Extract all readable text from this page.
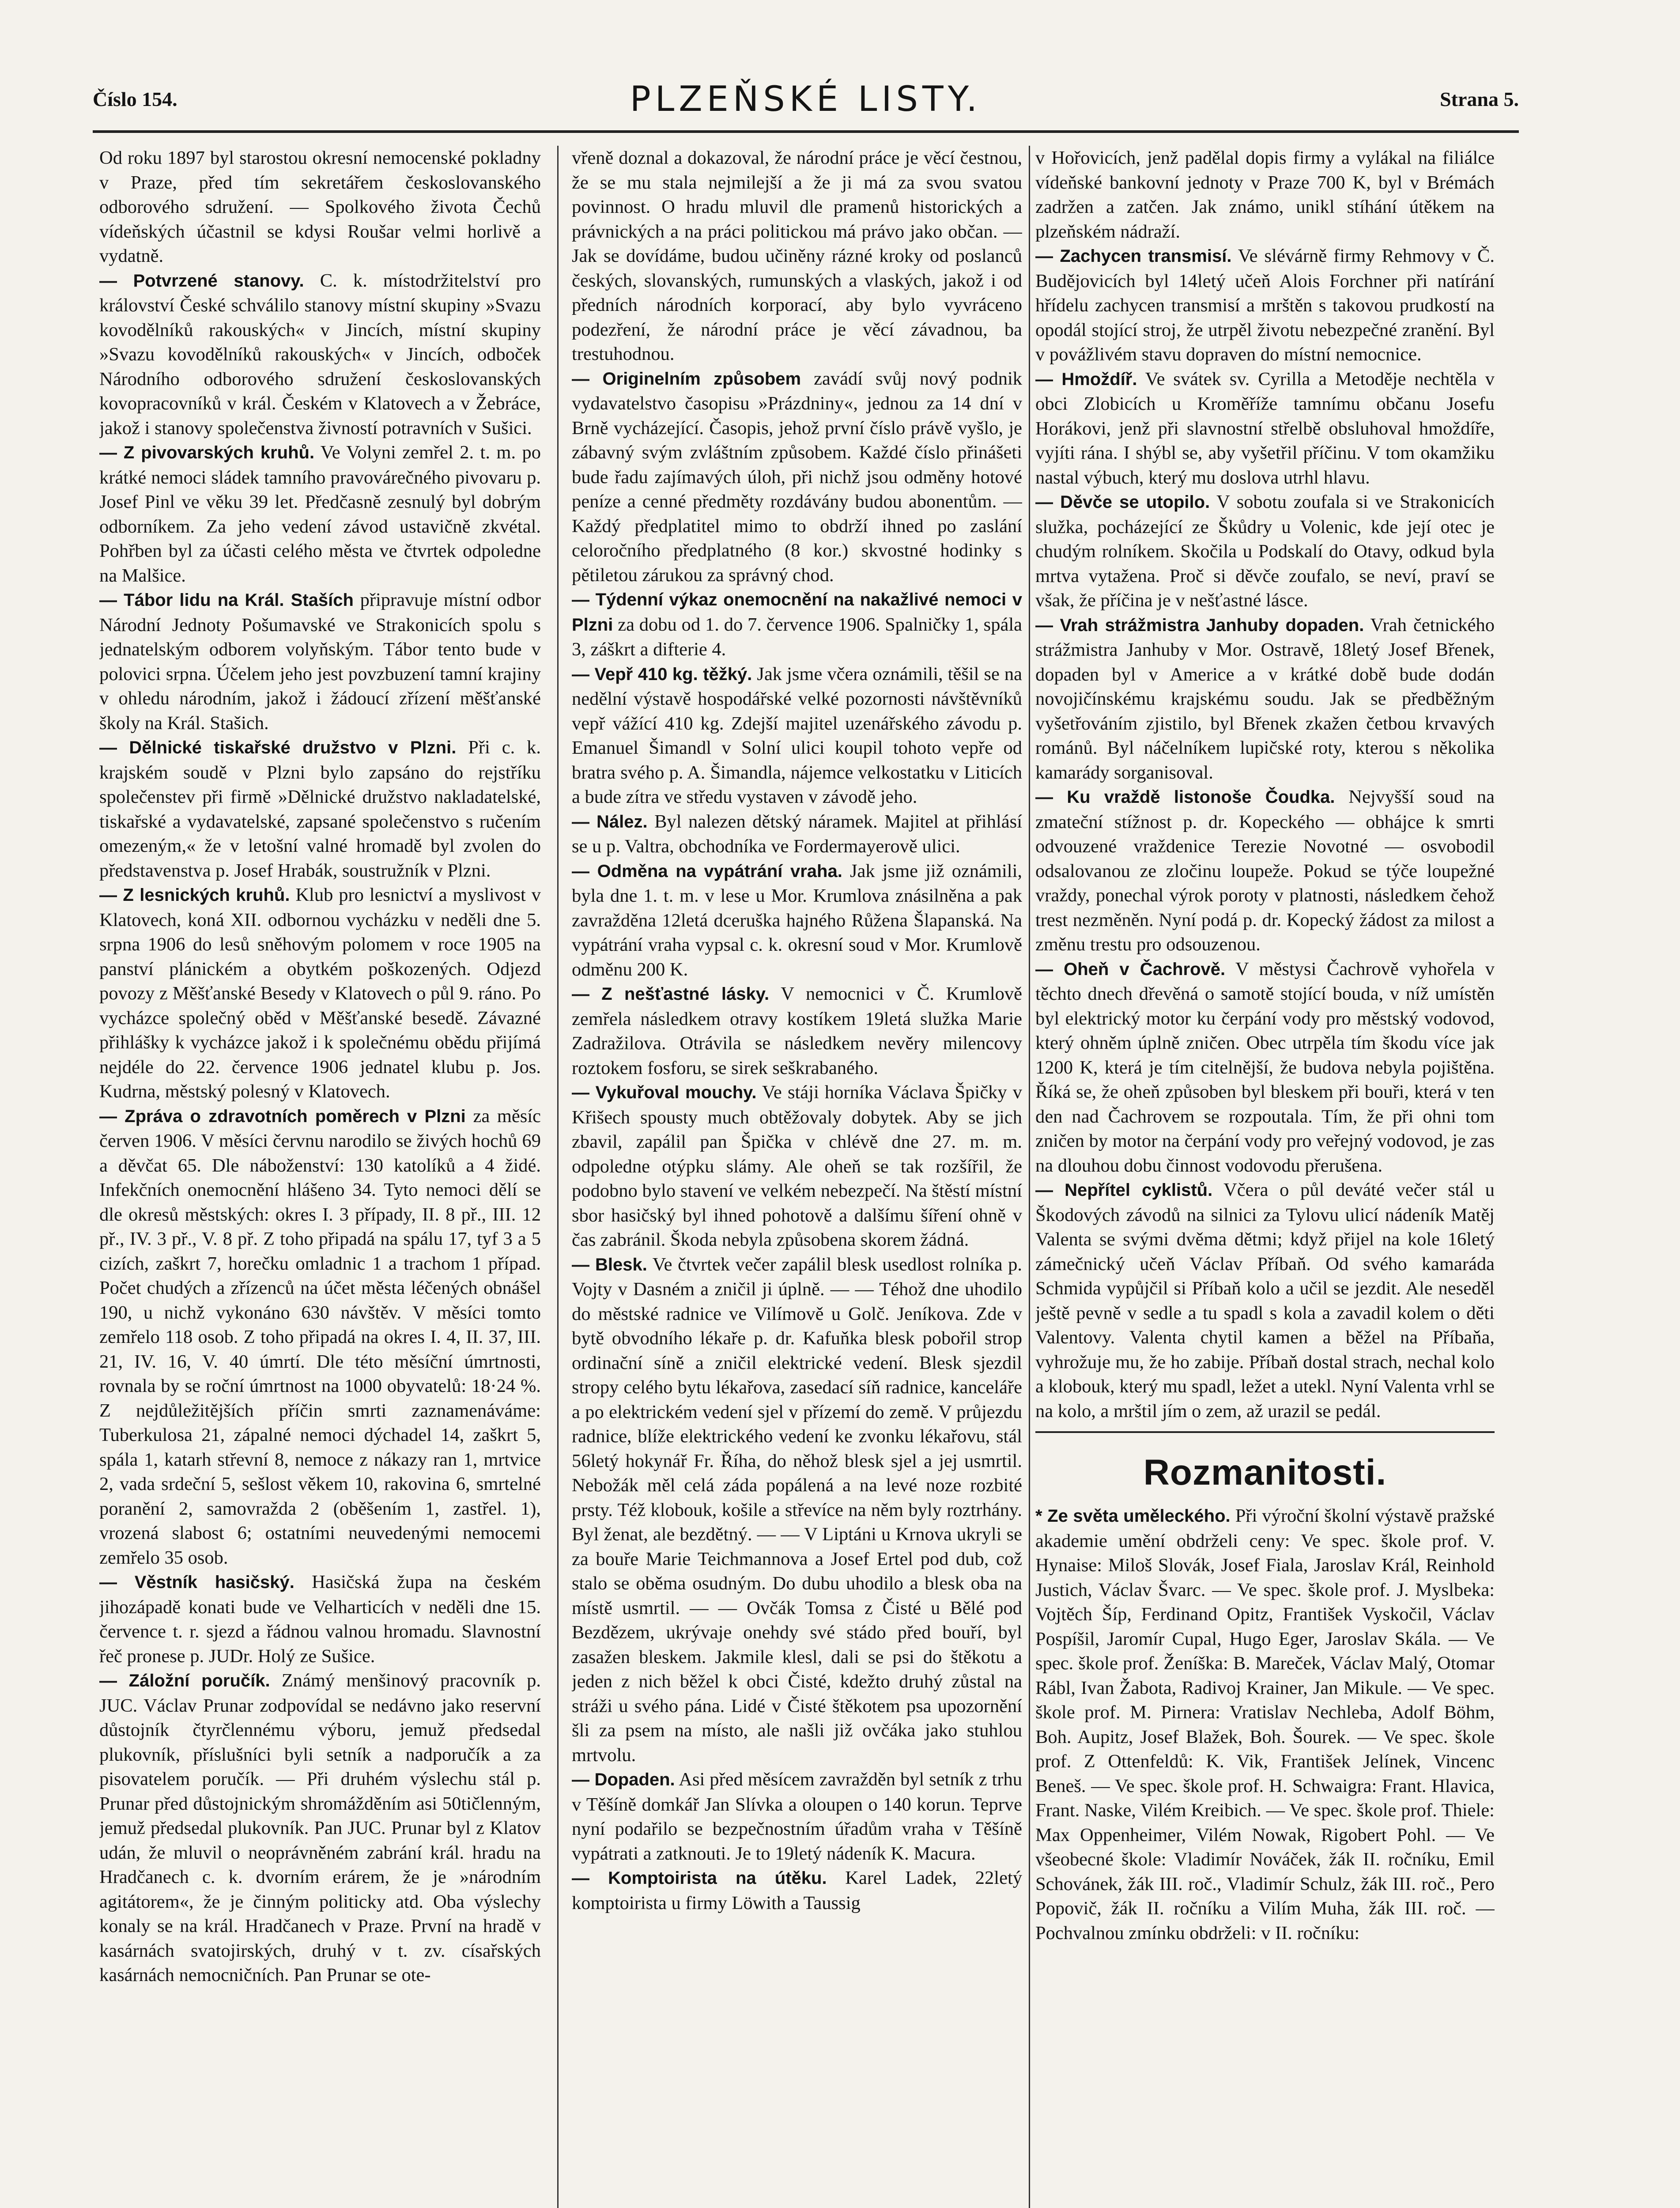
Číslo 154.	PLZEŇSKÉ LISTY.	Strana 5.

Od roku 1897 byl starostou okresní nemocenské pokladny v Praze, před tím sekretářem českoslovanského odborového sdružení. — Spolkového života Čechů vídeňských účastnil se kdysi Roušar velmi horlivě a vydatně.

— Potvrzené stanovy. C. k. místodržitelství pro království České schválilo stanovy místní skupiny »Svazu kovodělníků rakouských« v Jincích, místní skupiny »Svazu kovodělníků rakouských« v Jincích, odboček Národního odborového sdružení českoslovanských kovopracovníků v král. Českém v Klatovech a v Žebráce, jakož i stanovy společenstva živností potravních v Sušici.

— Z pivovarských kruhů. Ve Volyni zemřel 2. t. m. po krátké nemoci sládek tamního pravovárečného pivovaru p. Josef Pinl ve věku 39 let. Předčasně zesnulý byl dobrým odborníkem. Za jeho vedení závod ustavičně zkvétal. Pohřben byl za účasti celého města ve čtvrtek odpoledne na Malšice.

— Tábor lidu na Král. Staších připravuje místní odbor Národní Jednoty Pošumavské ve Strakonicích spolu s jednatelským odborem volyňským. Tábor tento bude v polovici srpna. Účelem jeho jest povzbuzení tamní krajiny v ohledu národním, jakož i žádoucí zřízení měšťanské školy na Král. Stašich.

— Dělnické tiskařské družstvo v Plzni. Při c. k. krajském soudě v Plzni bylo zapsáno do rejstříku společenstev při firmě »Dělnické družstvo nakladatelské, tiskařské a vydavatelské, zapsané společenstvo s ručením omezeným,« že v letošní valné hromadě byl zvolen do představenstva p. Josef Hrabák, soustružník v Plzni.

— Z lesnických kruhů. Klub pro lesnictví a myslivost v Klatovech, koná XII. odbornou vycházku v neděli dne 5. srpna 1906 do lesů sněhovým polomem v roce 1905 na panství plánickém a obytkém poškozených. Odjezd povozy z Měšťanské Besedy v Klatovech o půl 9. ráno. Po vycházce společný oběd v Měšťanské besedě. Závazné přihlášky k vycházce jakož i k společnému obědu přijímá nejdéle do 22. července 1906 jednatel klubu p. Jos. Kudrna, městský polesný v Klatovech.

— Zpráva o zdravotních poměrech v Plzni za měsíc červen 1906. V měsíci červnu narodilo se živých hochů 69 a děvčat 65. Dle náboženství: 130 katolíků a 4 židé. Infekčních onemocnění hlášeno 34. Tyto nemoci dělí se dle okresů městských: okres I. 3 případy, II. 8 př., III. 12 př., IV. 3 př., V. 8 př. Z toho připadá na spálu 17, tyf 3 a 5 cizích, zaškrt 7, horečku omladnic 1 a trachom 1 případ. Počet chudých a zřízenců na účet města léčených obnášel 190, u nichž vykonáno 630 návštěv. V měsíci tomto zemřelo 118 osob. Z toho připadá na okres I. 4, II. 37, III. 21, IV. 16, V. 40 úmrtí. Dle této měsíční úmrtnosti, rovnala by se roční úmrtnost na 1000 obyvatelů: 18·24 %. Z nejdůležitějších příčin smrti zaznamenáváme: Tuberkulosa 21, zápalné nemoci dýchadel 14, zaškrt 5, spála 1, katarh střevní 8, nemoce z nákazy ran 1, mrtvice 2, vada srdeční 5, sešlost věkem 10, rakovina 6, smrtelné poranění 2, samovražda 2 (oběšením 1, zastřel. 1), vrozená slabost 6; ostatními neuvedenými nemocemi zemřelo 35 osob.

— Věstník hasičský. Hasičská župa na českém jihozápadě konati bude ve Velharticích v neděli dne 15. července t. r. sjezd a řádnou valnou hromadu. Slavnostní řeč pronese p. JUDr. Holý ze Sušice.

— Záložní poručík. Známý menšinový pracovník p. JUC. Václav Prunar zodpovídal se nedávno jako reservní důstojník čtyrčlennému výboru, jemuž předsedal plukovník, příslušníci byli setník a nadporučík a za pisovatelem poručík. — Při druhém výslechu stál p. Prunar před důstojnickým shromážděním asi 50tičlenným, jemuž předsedal plukovník. Pan JUC. Prunar byl z Klatov udán, že mluvil o neoprávněném zabrání král. hradu na Hradčanech c. k. dvorním erárem, že je »národním agitátorem«, že je činným politicky atd. Oba výslechy konaly se na král. Hradčanech v Praze. První na hradě v kasárnách svatojirských, druhý v t. zv. císařských kasárnách nemocničních. Pan Prunar se ote-

vřeně doznal a dokazoval, že národní práce je věcí čestnou, že se mu stala nejmilejší a že ji má za svou svatou povinnost. O hradu mluvil dle pramenů historických a právnických a na práci politickou má právo jako občan. — Jak se dovídáme, budou učiněny rázné kroky od poslanců českých, slovanských, rumunských a vlaských, jakož i od předních národních korporací, aby bylo vyvráceno podezření, že národní práce je věcí závadnou, ba trestuhodnou.

— Originelním způsobem zavádí svůj nový podnik vydavatelstvo časopisu »Prázdniny«, jednou za 14 dní v Brně vycházející. Časopis, jehož první číslo právě vyšlo, je zábavný svým zvláštním způsobem. Každé číslo přinášeti bude řadu zajímavých úloh, při nichž jsou odměny hotové peníze a cenné předměty rozdávány budou abonentům. — Každý předplatitel mimo to obdrží ihned po zaslání celoročního předplatného (8 kor.) skvostné hodinky s pětiletou zárukou za správný chod.

— Týdenní výkaz onemocnění na nakažlivé nemoci v Plzni za dobu od 1. do 7. července 1906. Spalničky 1, spála 3, záškrt a difterie 4.

— Vepř 410 kg. těžký. Jak jsme včera oznámili, těšil se na nedělní výstavě hospodářské velké pozornosti návštěvníků vepř vážící 410 kg. Zdejší majitel uzenářského závodu p. Emanuel Šimandl v Solní ulici koupil tohoto vepře od bratra svého p. A. Šimandla, nájemce velkostatku v Liticích a bude zítra ve středu vystaven v závodě jeho.

— Nález. Byl nalezen dětský náramek. Majitel at přihlásí se u p. Valtra, obchodníka ve Fordermayerově ulici.

— Odměna na vypátrání vraha. Jak jsme již oznámili, byla dne 1. t. m. v lese u Mor. Krumlova znásilněna a pak zavražděna 12letá dceruška hajného Růžena Šlapanská. Na vypátrání vraha vypsal c. k. okresní soud v Mor. Krumlově odměnu 200 K.

— Z nešťastné lásky. V nemocnici v Č. Krumlově zemřela následkem otravy kostíkem 19letá služka Marie Zadražilova. Otrávila se následkem nevěry milencovy roztokem fosforu, se sirek seškrabaného.

— Vykuřoval mouchy. Ve stáji horníka Václava Špičky v Křišech spousty much obtěžovaly dobytek. Aby se jich zbavil, zapálil pan Špička v chlévě dne 27. m. m. odpoledne otýpku slámy. Ale oheň se tak rozšířil, že podobno bylo stavení ve velkém nebezpečí. Na štěstí místní sbor hasičský byl ihned pohotově a dalšímu šíření ohně v čas zabránil. Škoda nebyla způsobena skorem žádná.

— Blesk. Ve čtvrtek večer zapálil blesk usedlost rolníka p. Vojty v Dasném a zničil ji úplně. — — Téhož dne uhodilo do městské radnice ve Vilímově u Golč. Jeníkova. Zde v bytě obvodního lékaře p. dr. Kafuňka blesk pobořil strop ordinační síně a zničil elektrické vedení. Blesk sjezdil stropy celého bytu lékařova, zasedací síň radnice, kanceláře a po elektrickém vedení sjel v přízemí do země. V průjezdu radnice, blíže elektrického vedení ke zvonku lékařovu, stál 56letý hokynář Fr. Říha, do něhož blesk sjel a jej usmrtil. Nebožák měl celá záda popálená a na levé noze rozbité prsty. Též klobouk, košile a střevíce na něm byly roztrhány. Byl ženat, ale bezdětný. — — V Liptáni u Krnova ukryli se za bouře Marie Teichmannova a Josef Ertel pod dub, což stalo se oběma osudným. Do dubu uhodilo a blesk oba na místě usmrtil. — — Ovčák Tomsa z Čisté u Bělé pod Bezdězem, ukrývaje onehdy své stádo před bouří, byl zasažen bleskem. Jakmile klesl, dali se psi do štěkotu a jeden z nich běžel k obci Čisté, kdežto druhý zůstal na stráži u svého pána. Lidé v Čisté štěkotem psa upozornění šli za psem na místo, ale našli již ovčáka jako stuhlou mrtvolu.

— Dopaden. Asi před měsícem zavražděn byl setník z trhu v Těšíně domkář Jan Slívka a oloupen o 140 korun. Teprve nyní podařilo se bezpečnostním úřadům vraha v Těšíně vypátrati a zatknouti. Je to 19letý nádeník K. Macura.

— Komptoirista na útěku. Karel Ladek, 22letý komptoirista u firmy Löwith a Taussig

v Hořovicích, jenž padělal dopis firmy a vylákal na filiálce vídeňské bankovní jednoty v Praze 700 K, byl v Brémách zadržen a zatčen. Jak známo, unikl stíhání útěkem na plzeňském nádraží.

— Zachycen transmisí. Ve slévárně firmy Rehmovy v Č. Budějovicích byl 14letý učeň Alois Forchner při natírání hřídelu zachycen transmisí a mrštěn s takovou prudkostí na opodál stojící stroj, že utrpěl životu nebezpečné zranění. Byl v povážlivém stavu dopraven do místní nemocnice.

— Hmoždíř. Ve svátek sv. Cyrilla a Metoděje nechtěla v obci Zlobicích u Kroměříže tamnímu občanu Josefu Horákovi, jenž při slavnostní střelbě obsluhoval hmoždíře, vyjíti rána. I shýbl se, aby vyšetřil příčinu. V tom okamžiku nastal výbuch, který mu doslova utrhl hlavu.

— Děvče se utopilo. V sobotu zoufala si ve Strakonicích služka, pocházející ze Škůdry u Volenic, kde její otec je chudým rolníkem. Skočila u Podskalí do Otavy, odkud byla mrtva vytažena. Proč si děvče zoufalo, se neví, praví se však, že příčina je v nešťastné lásce.

— Vrah strážmistra Janhuby dopaden. Vrah četnického strážmistra Janhuby v Mor. Ostravě, 18letý Josef Břenek, dopaden byl v Americe a v krátké době bude dodán novojičínskému krajskému soudu. Jak se předběžným vyšetřováním zjistilo, byl Břenek zkažen četbou krvavých románů. Byl náčelníkem lupičské roty, kterou s několika kamarády sorganisoval.

— Ku vraždě listonoše Čoudka. Nejvyšší soud na zmateční stížnost p. dr. Kopeckého — obhájce k smrti odvouzené vraždenice Terezie Novotné — osvobodil odsalovanou ze zločinu loupeže. Pokud se týče loupežné vraždy, ponechal výrok poroty v platnosti, následkem čehož trest nezměněn. Nyní podá p. dr. Kopecký žádost za milost a změnu trestu pro odsouzenou.

— Oheň v Čachrově. V městysi Čachrově vyhořela v těchto dnech dřevěná o samotě stojící bouda, v níž umístěn byl elektrický motor ku čerpání vody pro městský vodovod, který ohněm úplně zničen. Obec utrpěla tím škodu více jak 1200 K, která je tím citelnější, že budova nebyla pojištěna. Říká se, že oheň způsoben byl bleskem při bouři, která v ten den nad Čachrovem se rozpoutala. Tím, že při ohni tom zničen by motor na čerpání vody pro veřejný vodovod, je zas na dlouhou dobu činnost vodovodu přerušena.

— Nepřítel cyklistů. Včera o půl deváté večer stál u Škodových závodů na silnici za Tylovu ulicí nádeník Matěj Valenta se svými dvěma dětmi; když přijel na kole 16letý zámečnický učeň Václav Příbaň. Od svého kamaráda Schmida vypůjčil si Příbaň kolo a učil se jezdit. Ale neseděl ještě pevně v sedle a tu spadl s kola a zavadil kolem o děti Valentovy. Valenta chytil kamen a běžel na Příbaňa, vyhrožuje mu, že ho zabije. Příbaň dostal strach, nechal kolo a klobouk, který mu spadl, ležet a utekl. Nyní Valenta vrhl se na kolo, a mrštil jím o zem, až urazil se pedál.

Rozmanitosti.

* Ze světa uměleckého. Při výroční školní výstavě pražské akademie umění obdrželi ceny: Ve spec. škole prof. V. Hynaise: Miloš Slovák, Josef Fiala, Jaroslav Král, Reinhold Justich, Václav Švarc. — Ve spec. škole prof. J. Myslbeka: Vojtěch Šíp, Ferdinand Opitz, František Vyskočil, Václav Pospíšil, Jaromír Cupal, Hugo Eger, Jaroslav Skála. — Ve spec. škole prof. Ženíška: B. Mareček, Václav Malý, Otomar Rábl, Ivan Žabota, Radivoj Krainer, Jan Mikule. — Ve spec. škole prof. M. Pirnera: Vratislav Nechleba, Adolf Böhm, Boh. Aupitz, Josef Blažek, Boh. Šourek. — Ve spec. škole prof. Z Ottenfeldů: K. Vik, František Jelínek, Vincenc Beneš. — Ve spec. škole prof. H. Schwaigra: Frant. Hlavica, Frant. Naske, Vilém Kreibich. — Ve spec. škole prof. Thiele: Max Oppenheimer, Vilém Nowak, Rigobert Pohl. — Ve všeobecné škole: Vladimír Nováček, žák II. ročníku, Emil Schovánek, žák III. roč., Vladimír Schulz, žák III. roč., Pero Popovič, žák II. ročníku a Vilím Muha, žák III. roč. — Pochvalnou zmínku obdrželi: v II. ročníku:
